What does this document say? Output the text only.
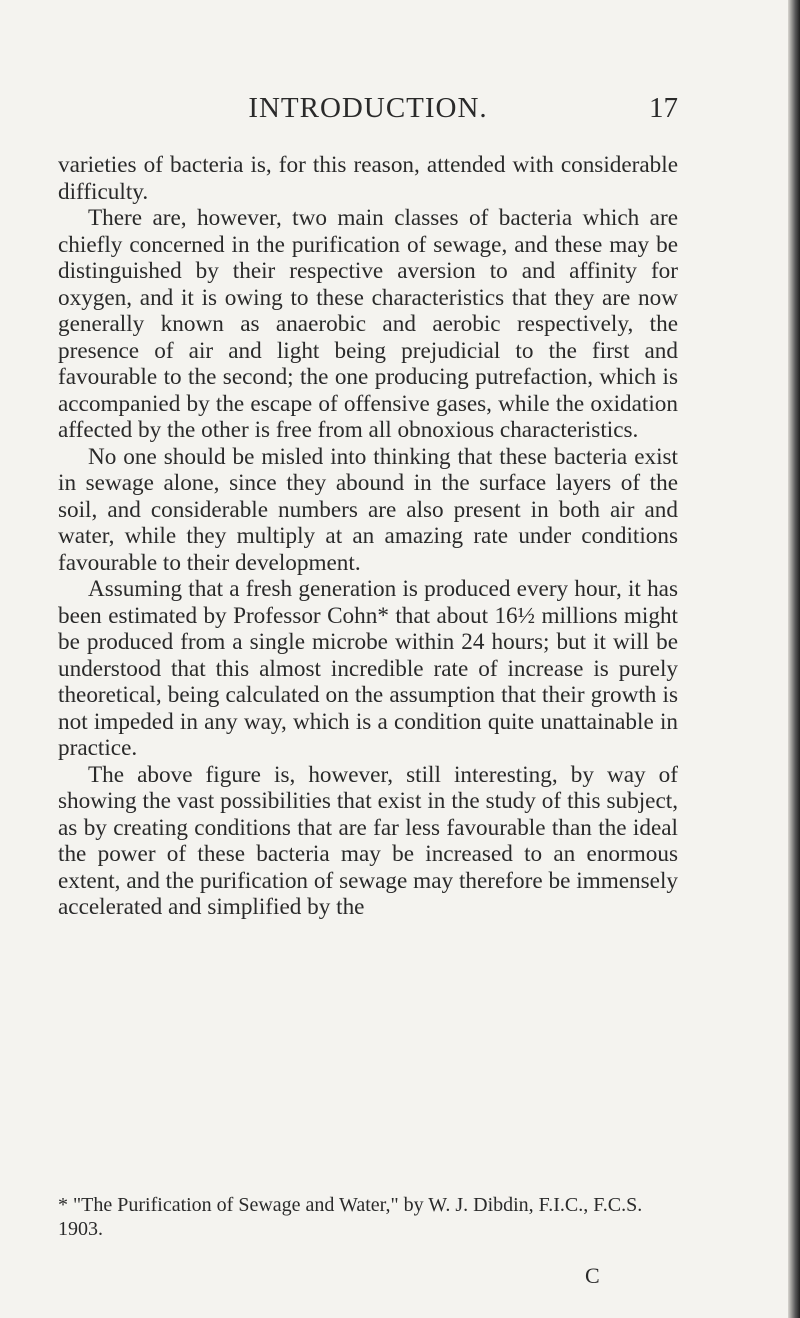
INTRODUCTION.	17

varieties of bacteria is, for this reason, attended with considerable difficulty.

There are, however, two main classes of bacteria which are chiefly concerned in the purification of sewage, and these may be distinguished by their respective aversion to and affinity for oxygen, and it is owing to these characteristics that they are now generally known as anaerobic and aerobic respectively, the presence of air and light being prejudicial to the first and favourable to the second; the one producing putrefaction, which is accompanied by the escape of offensive gases, while the oxidation affected by the other is free from all obnoxious characteristics.

No one should be misled into thinking that these bacteria exist in sewage alone, since they abound in the surface layers of the soil, and considerable numbers are also present in both air and water, while they multiply at an amazing rate under conditions favourable to their development.

Assuming that a fresh generation is produced every hour, it has been estimated by Professor Cohn* that about 16½ millions might be produced from a single microbe within 24 hours; but it will be understood that this almost incredible rate of increase is purely theoretical, being calculated on the assumption that their growth is not impeded in any way, which is a condition quite unattainable in practice.

The above figure is, however, still interesting, by way of showing the vast possibilities that exist in the study of this subject, as by creating conditions that are far less favourable than the ideal the power of these bacteria may be increased to an enormous extent, and the purification of sewage may therefore be immensely accelerated and simplified by the

* "The Purification of Sewage and Water," by W. J. Dibdin, F.I.C., F.C.S. 1903.
C
